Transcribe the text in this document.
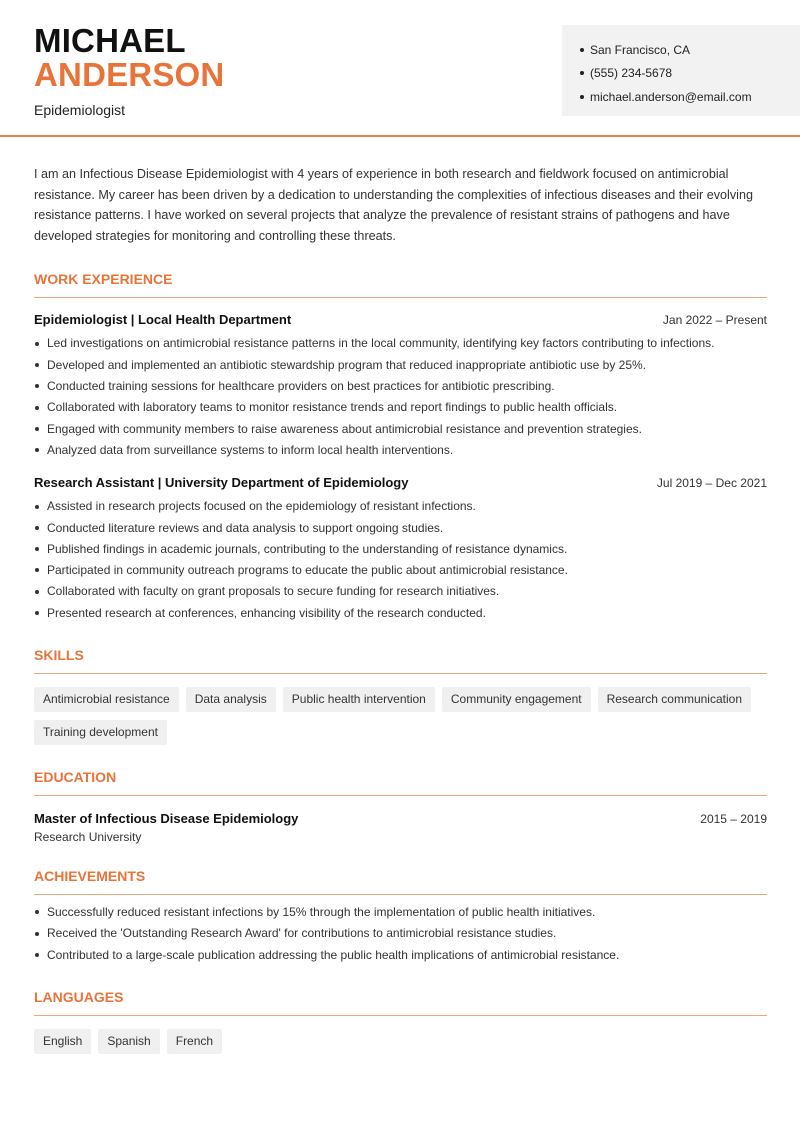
MICHAEL
ANDERSON
Epidemiologist
San Francisco, CA
(555) 234-5678
michael.anderson@email.com

I am an Infectious Disease Epidemiologist with 4 years of experience in both research and fieldwork focused on antimicrobial resistance. My career has been driven by a dedication to understanding the complexities of infectious diseases and their evolving resistance patterns. I have worked on several projects that analyze the prevalence of resistant strains of pathogens and have developed strategies for monitoring and controlling these threats.

WORK EXPERIENCE
Epidemiologist | Local Health Department	Jan 2022 – Present
Led investigations on antimicrobial resistance patterns in the local community, identifying key factors contributing to infections.
Developed and implemented an antibiotic stewardship program that reduced inappropriate antibiotic use by 25%.
Conducted training sessions for healthcare providers on best practices for antibiotic prescribing.
Collaborated with laboratory teams to monitor resistance trends and report findings to public health officials.
Engaged with community members to raise awareness about antimicrobial resistance and prevention strategies.
Analyzed data from surveillance systems to inform local health interventions.
Research Assistant | University Department of Epidemiology	Jul 2019 – Dec 2021
Assisted in research projects focused on the epidemiology of resistant infections.
Conducted literature reviews and data analysis to support ongoing studies.
Published findings in academic journals, contributing to the understanding of resistance dynamics.
Participated in community outreach programs to educate the public about antimicrobial resistance.
Collaborated with faculty on grant proposals to secure funding for research initiatives.
Presented research at conferences, enhancing visibility of the research conducted.
SKILLS
Antimicrobial resistance	Data analysis	Public health intervention	Community engagement	Research communication
Training development
EDUCATION
Master of Infectious Disease Epidemiology	2015 – 2019
Research University
ACHIEVEMENTS
Successfully reduced resistant infections by 15% through the implementation of public health initiatives.
Received the 'Outstanding Research Award' for contributions to antimicrobial resistance studies.
Contributed to a large-scale publication addressing the public health implications of antimicrobial resistance.
LANGUAGES
English	Spanish	French
